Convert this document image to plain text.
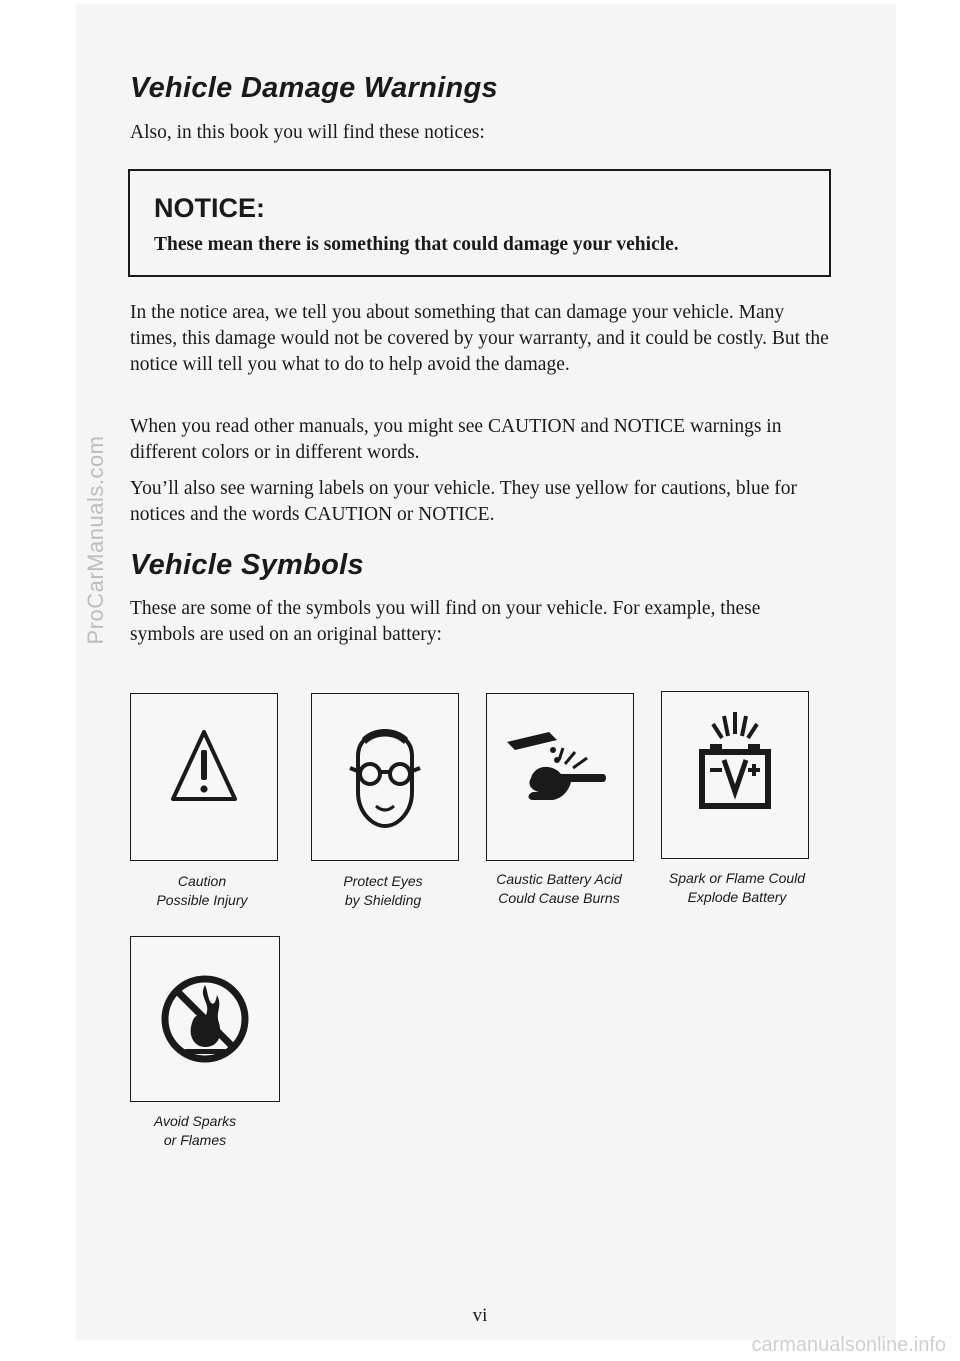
ProCarManuals.com
Vehicle Damage Warnings

Also, in this book you will find these notices:

NOTICE:
These mean there is something that could damage your vehicle.

In the notice area, we tell you about something that can damage your vehicle. Many times, this damage would not be covered by your warranty, and it could be costly. But the notice will tell you what to do to help avoid the damage.

When you read other manuals, you might see CAUTION and NOTICE warnings in different colors or in different words.

You’ll also see warning labels on your vehicle. They use yellow for cautions, blue for notices and the words CAUTION or NOTICE.

Vehicle Symbols

These are some of the symbols you will find on your vehicle. For example, these symbols are used on an original battery:

Caution
Possible Injury
Protect Eyes
by Shielding
Caustic Battery Acid
Could Cause Burns
Spark or Flame Could
Explode Battery
Avoid Sparks
or Flames
vi
carmanualsonline.info
